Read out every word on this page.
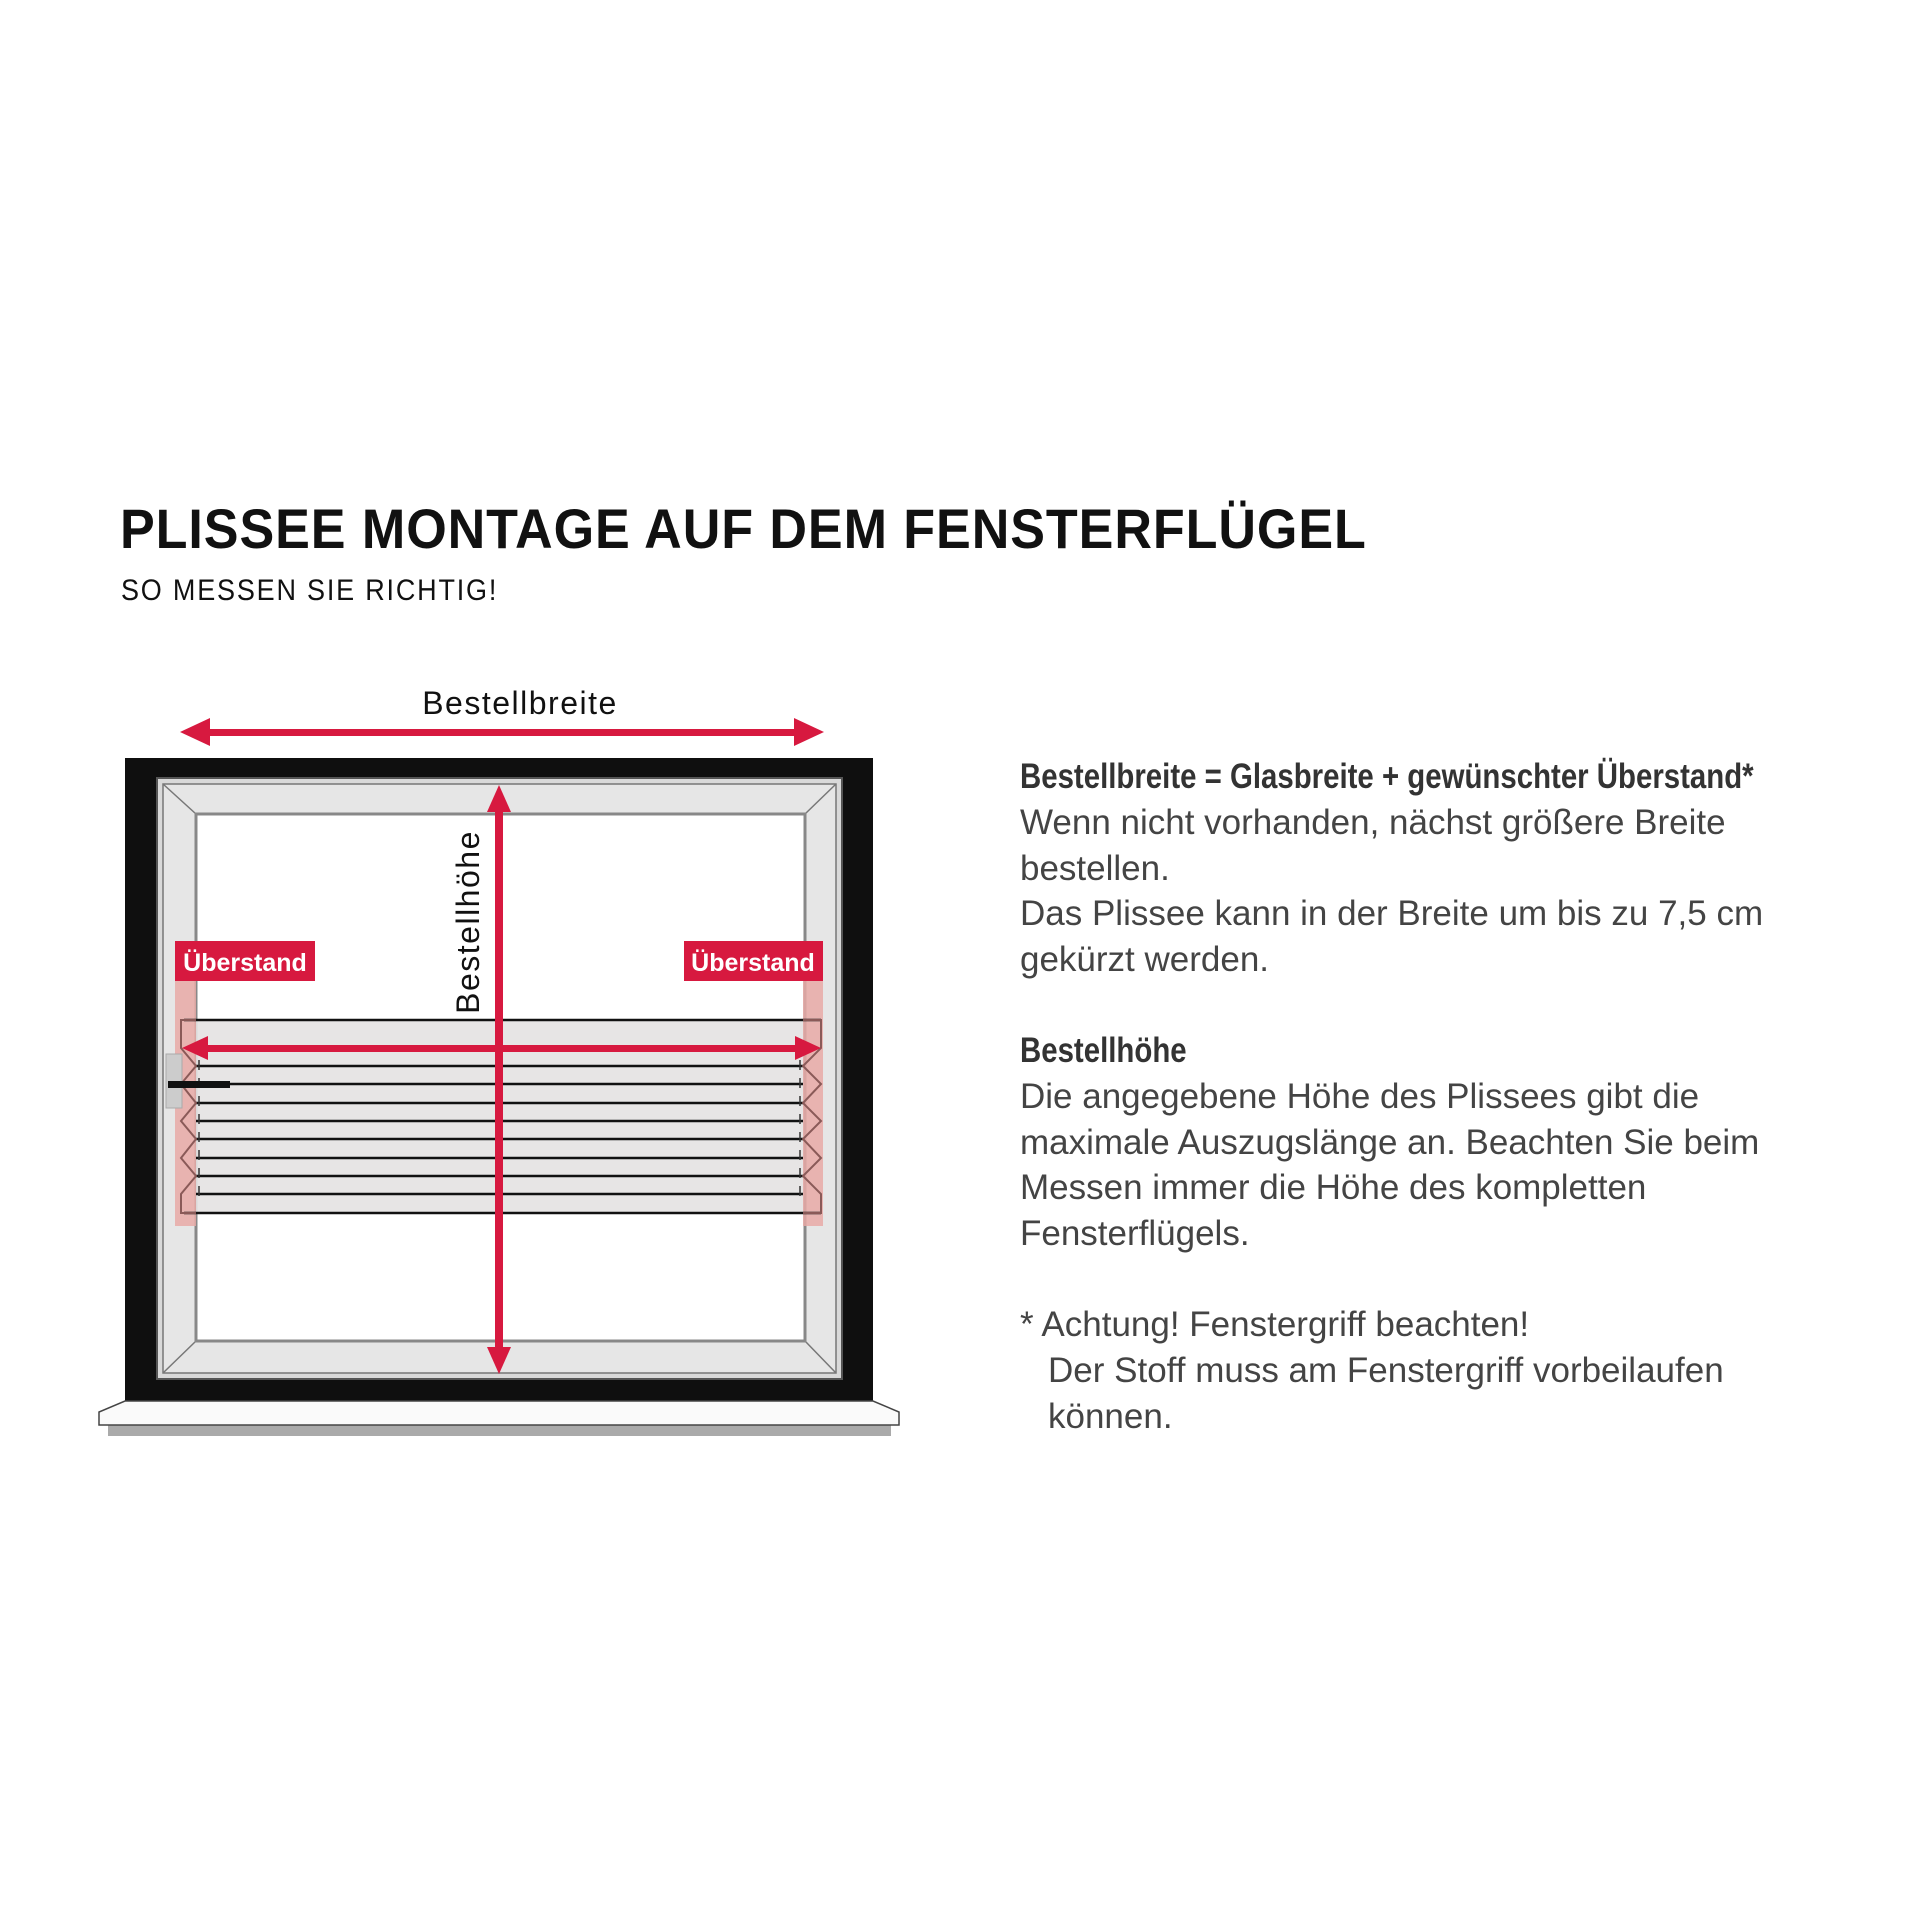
PLISSEE MONTAGE AUF DEM FENSTERFLÜGEL
SO MESSEN SIE RICHTIG!
Bestellbreite
Bestellhöhe
Überstand	Überstand
Bestellbreite = Glasbreite + gewünschter Überstand*
Wenn nicht vorhanden, nächst größere Breite
bestellen.
Das Plissee kann in der Breite um bis zu 7,5 cm
gekürzt werden.
Bestellhöhe
Die angegebene Höhe des Plissees gibt die
maximale Auszugslänge an. Beachten Sie beim
Messen immer die Höhe des kompletten
Fensterflügels.
* Achtung! Fenstergriff beachten!
Der Stoff muss am Fenstergriff vorbeilaufen
können.
